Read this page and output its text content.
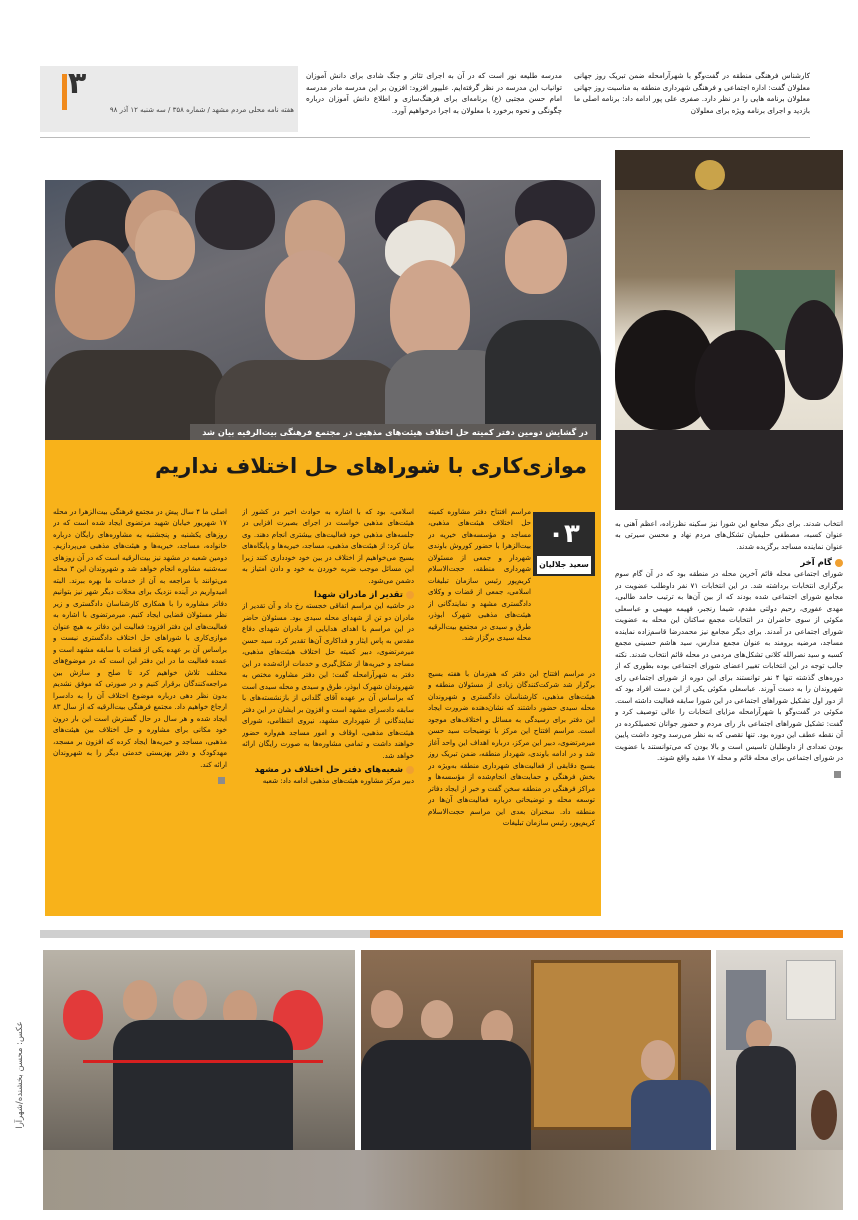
۳
هفته نامه محلی مردم مشهد / شماره ۳۵۸ / سه شنبه ۱۲ آذر ۹۸

مدرسه طلیعه نور است که در آن به اجرای تئاتر و جنگ شادی برای دانش آموزان توانیاب این مدرسه در نظر گرفته‌ایم. علیپور افزود: افزون بر این مدرسه مادر مدرسه امام حسن مجتبی (ع) برنامه‌ای برای فرهنگ‌سازی و اطلاع دانش آموزان درباره چگونگی و نحوه برخورد با معلولان به اجرا درخواهیم آورد.

کارشناس فرهنگی منطقه در گفت‌وگو با شهرآرامحله ضمن تبریک روز جهانی معلولان گفت: اداره اجتماعی و فرهنگی شهرداری منطقه به مناسبت روز جهانی معلولان برنامه هایی را در نظر دارد. صفری علی پور ادامه داد: برنامه اصلی ما بازدید و اجرای برنامه ویژه برای معلولان

در گشایش دومین دفتر کمیته حل اختلاف هیئت‌های مذهبی در مجتمع فرهنگی بیت‌الرقیه بیان شد
موازی‌کاری با شوراهای حل اختلاف نداریم
۰۳
سعید جلالیان

مراسم افتتاح دفتر مشاوره کمیته حل اختلاف هیئت‌های مذهبی، مساجد و مؤسسه‌های خیریه در بیت‌الزهرا با حضور کوروش باوندی شهردار و جمعی از مسئولان شهرداری منطقه، حجت‌الاسلام کریم‌پور رئیس سازمان تبلیغات اسلامی، جمعی از قضات و وکلای دادگستری مشهد و نمایندگانی از هیئت‌های مذهبی شهرک ابوذر، طرق و سیدی در مجتمع بیت‌الرقیه محله سیدی برگزار شد.

در مراسم افتتاح این دفتر که هم‌زمان با هفته بسیج برگزار شد شرکت‌کنندگان زیادی از مسئولان منطقه و هیئت‌های مذهبی، کارشناسان دادگستری و شهروندان محله سیدی حضور داشتند که نشان‌دهنده ضرورت ایجاد این دفتر برای رسیدگی به مسائل و اختلاف‌های موجود است. مراسم افتتاح این مرکز با توضیحات سید حسن میرمرتضوی، دبیر این مرکز، درباره اهداف این واحد آغاز شد و در ادامه باوندی، شهردار منطقه، ضمن تبریک روز بسیج دقایقی از فعالیت‌های شهرداری منطقه به‌ویژه در بخش فرهنگی و حمایت‌های انجام‌شده از مؤسسه‌ها و مراکز فرهنگی در منطقه سخن گفت و خبر از ایجاد دفاتر توسعه محله و توضیحاتی درباره فعالیت‌های آن‌ها در منطقه داد. سخنران بعدی این مراسم حجت‌الاسلام کریم‌پور، رئیس سازمان تبلیغات

اسلامی، بود که با اشاره به حوادث اخیر در کشور از هیئت‌های مذهبی خواست در اجرای بصیرت افزایی در جلسه‌های مذهبی خود فعالیت‌های بیشتری انجام دهند. وی بیان کرد: از هیئت‌های مذهبی، مساجد، خیریه‌ها و پایگاه‌های بسیج می‌خواهیم از اختلاف در بین خود خودداری کنند زیرا این مسائل موجب ضربه خوردن به خود و دادن امتیاز به دشمن می‌شود.

تقدیر از مادران شهدا

در حاشیه این مراسم اتفاقی خجسته رخ داد و آن تقدیر از مادران دو تن از شهدای محله سیدی بود. مسئولان حاضر در این مراسم با اهدای هدایایی از مادران شهدای دفاع مقدس به پاس ایثار و فداکاری آن‌ها تقدیر کرد. سید حسن میرمرتضوی، دبیر کمیته حل اختلاف هیئت‌های مذهبی، مساجد و خیریه‌ها از شکل‌گیری و خدمات ارائه‌شده در این دفتر به شهرآرامحله گفت: این دفتر مشاوره مختص به شهروندان شهرک ابوذر، طرق و سیدی و محله سیدی است که براساس آن بر عهده آقای گلدانی از بازنشسته‌های با سابقه دادسرای مشهد است و افزون بر ایشان در این دفتر نمایندگانی از شهرداری مشهد، نیروی انتظامی، شورای هیئت‌های مذهبی، اوقاف و امور مساجد هم‌واره حضور خواهند داشت و تمامی مشاوره‌ها به صورت رایگان ارائه خواهد شد.

شعبه‌های دفتر حل اختلاف در مشهد

دبیر مرکز مشاوره هیئت‌های مذهبی ادامه داد: شعبه

اصلی ما ۴ سال پیش در مجتمع فرهنگی بیت‌الزهرا در محله ۱۷ شهریور خیابان شهید مرتضوی ایجاد شده است که در روزهای یکشنبه و پنجشنبه به مشاوره‌های رایگان درباره خانواده، مساجد، خیریه‌ها و هیئت‌های مذهبی می‌پردازیم. دومین شعبه در مشهد نیز بیت‌الرقیه است که در آن روزهای سه‌شنبه مشاوره انجام خواهد شد و شهروندان این ۳ محله می‌توانند با مراجعه به آن از خدمات ما بهره ببرند. البته امیدواریم در آینده نزدیک برای محلات دیگر شهر نیز بتوانیم دفاتر مشاوره را با همکاری کارشناسان دادگستری و زیر نظر مسئولان قضایی ایجاد کنیم. میرمرتضوی با اشاره به فعالیت‌های این دفتر افزود: فعالیت این دفاتر به هیچ عنوان موازی‌کاری با شوراهای حل اختلاف دادگستری نیست و براساس آن بر عهده یکی از قضات با سابقه مشهد است و عمده فعالیت ما در این دفتر این است که در موضوع‌های مختلف تلاش خواهیم کرد تا صلح و سازش بین مراجعه‌کنندگان برقرار کنیم و در صورتی که موفق نشدیم بدون نظر دهی درباره موضوع اختلاف آن را به دادسرا ارجاع خواهیم داد. مجتمع فرهنگی بیت‌الرقیه که از سال ۸۳ ایجاد شده و هر سال در حال گسترش است این بار درون خود مکانی برای مشاوره و حل اختلاف بین هیئت‌های مذهبی، مساجد و خیریه‌ها ایجاد کرده که افزون بر مسجد، مهدکودک و دفتر بهزیستی خدمتی دیگر را به شهروندان ارائه کند.

انتخاب شدند. برای دیگر مجامع این شورا نیز سکینه نظرزاده، اعظم آهنی به عنوان کسبه، مصطفی حلیمیان تشکل‌های مردم نهاد و محسن سیرتی به عنوان نماینده مساجد برگزیده شدند.

گام آخر

شورای اجتماعی محله قائم آخرین محله در منطقه بود که در آن گام سوم برگزاری انتخابات برداشته شد. در این انتخابات ۷۱ نفر داوطلب عضویت در مجامع شورای اجتماعی شده بودند که از بین آن‌ها به ترتیب حامد طالبی، مهدی عفوری، رحیم دولتی مقدم، شیما رنجبر، فهیمه مهیمی و عباسعلی مکوئی از سوی حاضران در انتخابات مجمع ساکنان این محله به عضویت شورای اجتماعی در آمدند. برای دیگر مجامع نیز محمدرضا قاسم‌زاده نماینده مساجد، مرضیه برومند به عنوان مجمع مدارس، سید هاشم حسینی مجمع کسبه و سید نصرالله کلانی تشکل‌های مردمی در محله قائم انتخاب شدند. نکته جالب توجه در این انتخابات تغییر اعضای شورای اجتماعی بوده بطوری که از دوره‌های گذشته تنها ۴ نفر توانستند برای این دوره از شورای اجتماعی رای شهروندان را به دست آورند. عباسعلی مکوئی یکی از این دست افراد بود که از دور اول تشکیل شوراهای اجتماعی در این شورا سابقه فعالیت داشته است. مکوئی در گفت‌وگو با شهرآرامحله مزایای انتخابات را عالی توصیف کرد و گفت: تشکیل شوراهای اجتماعی باز رای مردم و حضور جوانان تحصیلکرده در آن نقطه عطف این دوره بود. تنها نقصی که به نظر می‌رسد وجود داشت پایین بودن تعدادی از داوطلبان تاسیس است و بالا بودن که می‌توانستند با عضویت در شورای اجتماعی برای محله قائم و محله ۱۷ مقید واقع شوند.

عکس: محسن بخشنده/شهرآرا
